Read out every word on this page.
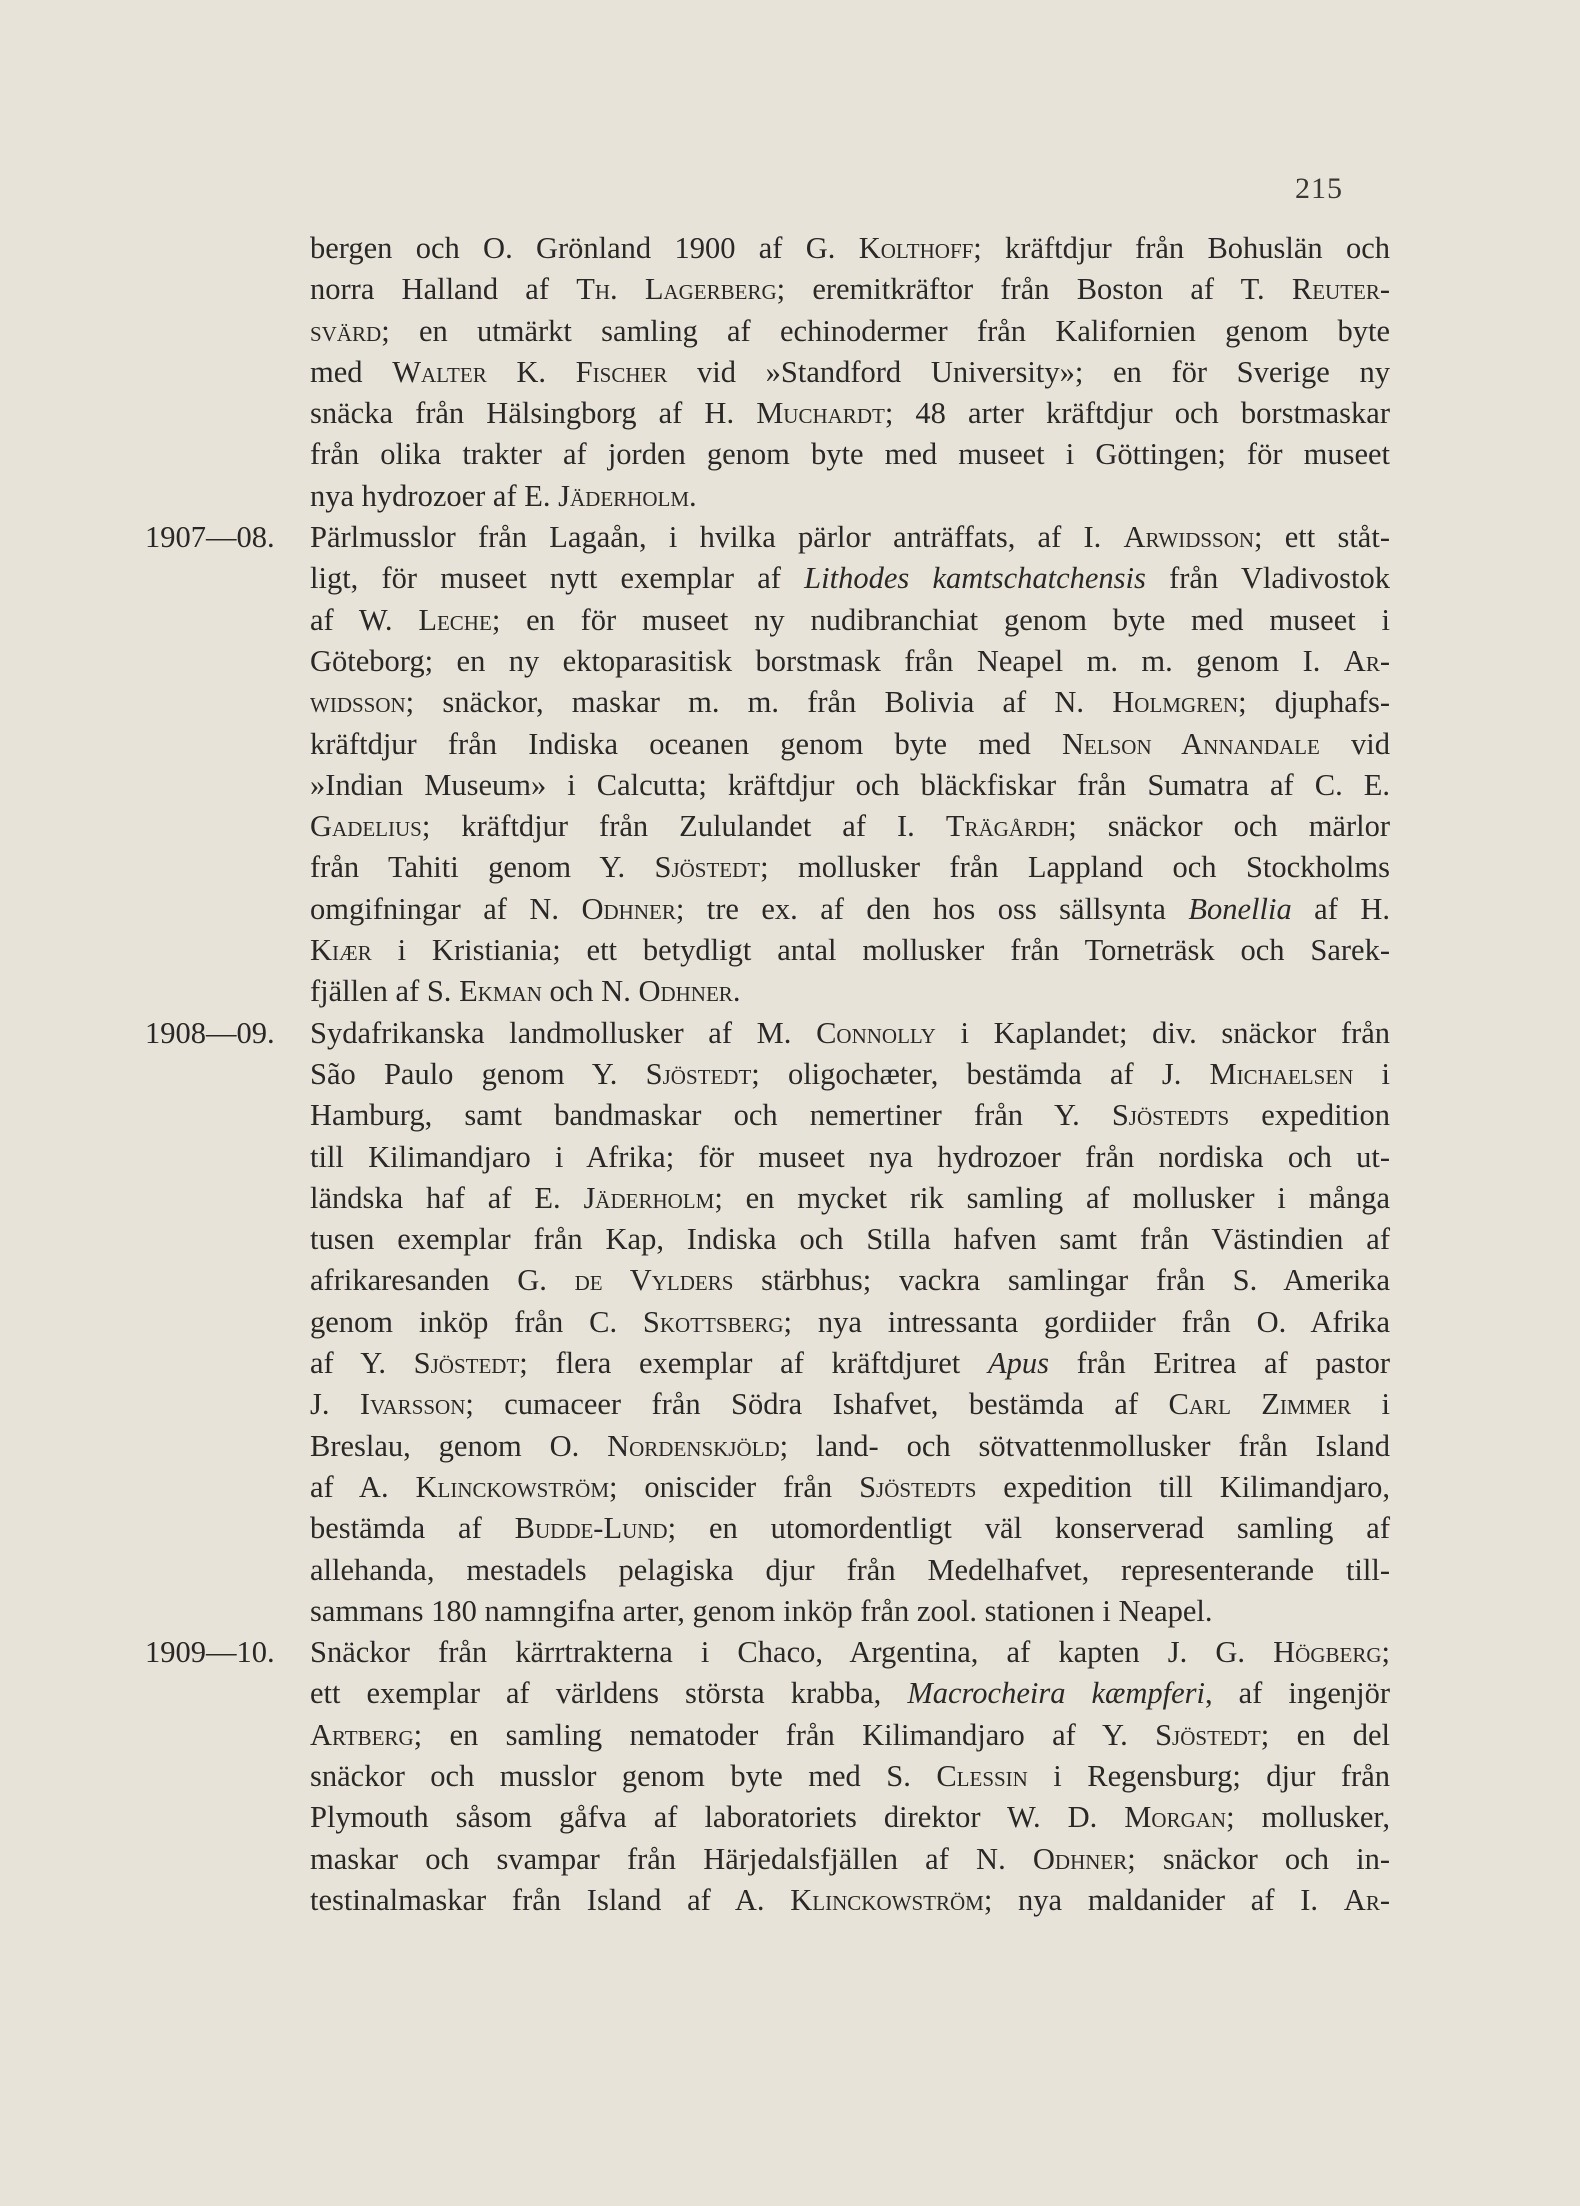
215
bergen och O. Grönland 1900 af G. Kolthoff; kräftdjur från Bohuslän och
norra Halland af Th. Lagerberg; eremitkräftor från Boston af T. Reuter-
svärd; en utmärkt samling af echinodermer från Kalifornien genom byte
med Walter K. Fischer vid »Standford University»; en för Sverige ny
snäcka från Hälsingborg af H. Muchardt; 48 arter kräftdjur och borstmaskar
från olika trakter af jorden genom byte med museet i Göttingen; för museet
nya hydrozoer af E. Jäderholm.
1907—08.	Pärlmusslor från Lagaån, i hvilka pärlor anträffats, af I. Arwidsson; ett ståt-
ligt, för museet nytt exemplar af Lithodes kamtschatchensis från Vladivostok
af W. Leche; en för museet ny nudibranchiat genom byte med museet i
Göteborg; en ny ektoparasitisk borstmask från Neapel m. m. genom I. Ar-
widsson; snäckor, maskar m. m. från Bolivia af N. Holmgren; djuphafs-
kräftdjur från Indiska oceanen genom byte med Nelson Annandale vid
»Indian Museum» i Calcutta; kräftdjur och bläckfiskar från Sumatra af C. E.
Gadelius; kräftdjur från Zululandet af I. Trägårdh; snäckor och märlor
från Tahiti genom Y. Sjöstedt; mollusker från Lappland och Stockholms
omgifningar af N. Odhner; tre ex. af den hos oss sällsynta Bonellia af H.
Kiær i Kristiania; ett betydligt antal mollusker från Torneträsk och Sarek-
fjällen af S. Ekman och N. Odhner.
1908—09.	Sydafrikanska landmollusker af M. Connolly i Kaplandet; div. snäckor från
São Paulo genom Y. Sjöstedt; oligochæter, bestämda af J. Michaelsen i
Hamburg, samt bandmaskar och nemertiner från Y. Sjöstedts expedition
till Kilimandjaro i Afrika; för museet nya hydrozoer från nordiska och ut-
ländska haf af E. Jäderholm; en mycket rik samling af mollusker i många
tusen exemplar från Kap, Indiska och Stilla hafven samt från Västindien af
afrikaresanden G. de Vylders stärbhus; vackra samlingar från S. Amerika
genom inköp från C. Skottsberg; nya intressanta gordiider från O. Afrika
af Y. Sjöstedt; flera exemplar af kräftdjuret Apus från Eritrea af pastor
J. Ivarsson; cumaceer från Södra Ishafvet, bestämda af Carl Zimmer i
Breslau, genom O. Nordenskjöld; land- och sötvattenmollusker från Island
af A. Klinckowström; oniscider från Sjöstedts expedition till Kilimandjaro,
bestämda af Budde-Lund; en utomordentligt väl konserverad samling af
allehanda, mestadels pelagiska djur från Medelhafvet, representerande till-
sammans 180 namngifna arter, genom inköp från zool. stationen i Neapel.
1909—10.	Snäckor från kärrtrakterna i Chaco, Argentina, af kapten J. G. Högberg;
ett exemplar af världens största krabba, Macrocheira kæmpferi, af ingenjör
Artberg; en samling nematoder från Kilimandjaro af Y. Sjöstedt; en del
snäckor och musslor genom byte med S. Clessin i Regensburg; djur från
Plymouth såsom gåfva af laboratoriets direktor W. D. Morgan; mollusker,
maskar och svampar från Härjedalsfjällen af N. Odhner; snäckor och in-
testinalmaskar från Island af A. Klinckowström; nya maldanider af I. Ar-
